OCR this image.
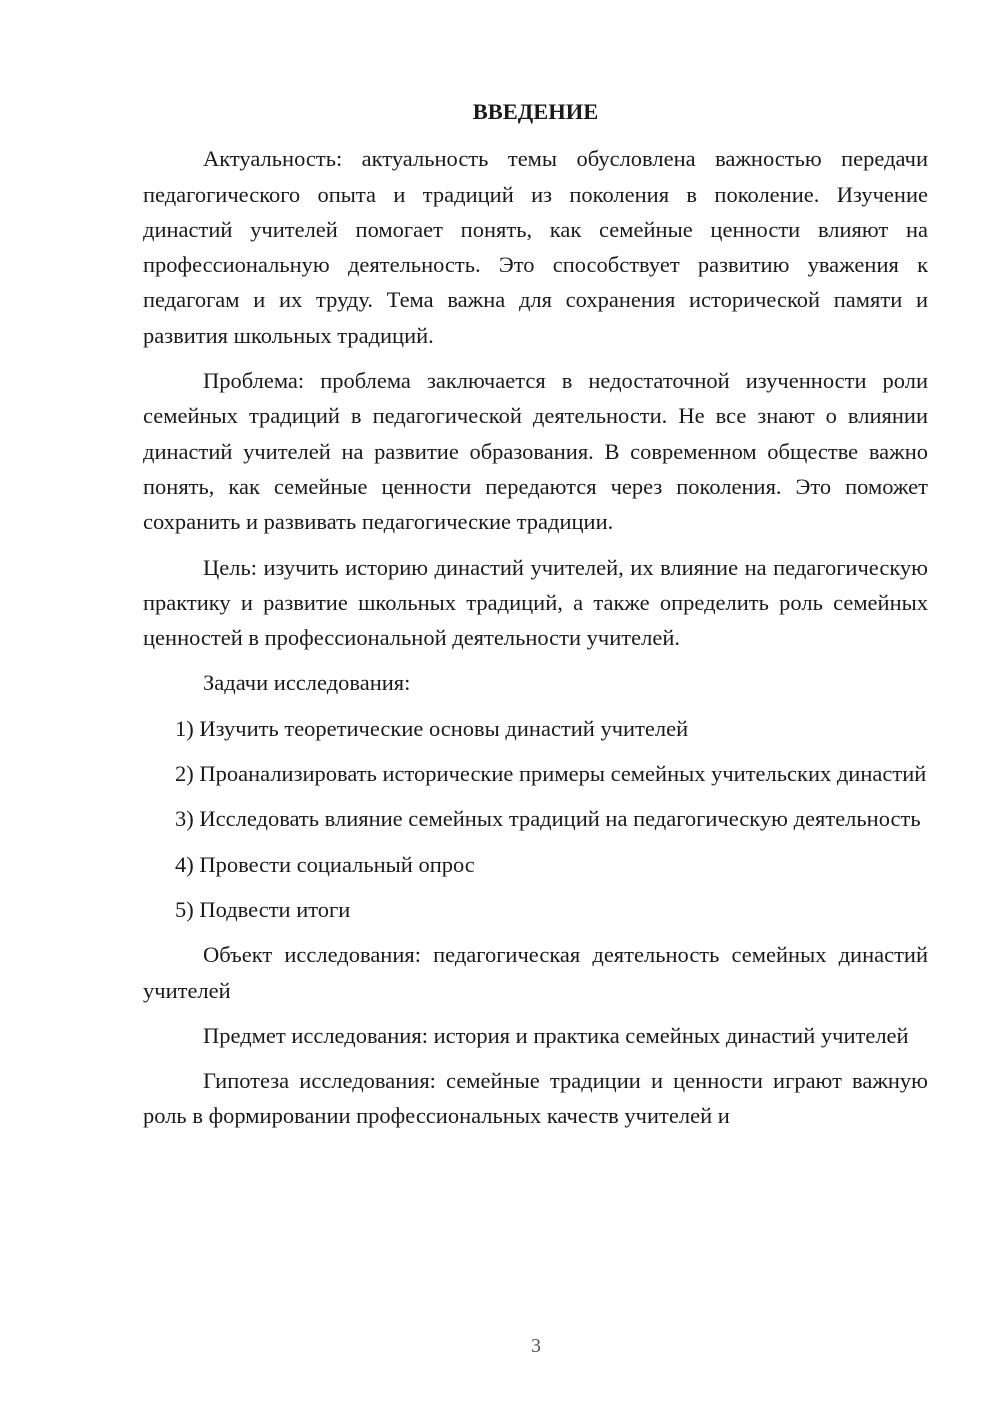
ВВЕДЕНИЕ

Актуальность: актуальность темы обусловлена важностью передачи педагогического опыта и традиций из поколения в поколение. Изучение династий учителей помогает понять, как семейные ценности влияют на профессиональную деятельность. Это способствует развитию уважения к педагогам и их труду. Тема важна для сохранения исторической памяти и развития школьных традиций.

Проблема: проблема заключается в недостаточной изученности роли семейных традиций в педагогической деятельности. Не все знают о влиянии династий учителей на развитие образования. В современном обществе важно понять, как семейные ценности передаются через поколения. Это поможет сохранить и развивать педагогические традиции.

Цель: изучить историю династий учителей, их влияние на педагогическую практику и развитие школьных традиций, а также определить роль семейных ценностей в профессиональной деятельности учителей.

Задачи исследования:

1) Изучить теоретические основы династий учителей

2) Проанализировать исторические примеры семейных учительских династий

3) Исследовать влияние семейных традиций на педагогическую деятельность

4) Провести социальный опрос

5) Подвести итоги

Объект исследования: педагогическая деятельность семейных династий учителей

Предмет исследования: история и практика семейных династий учителей

Гипотеза исследования: семейные традиции и ценности играют важную роль в формировании профессиональных качеств учителей и

3
